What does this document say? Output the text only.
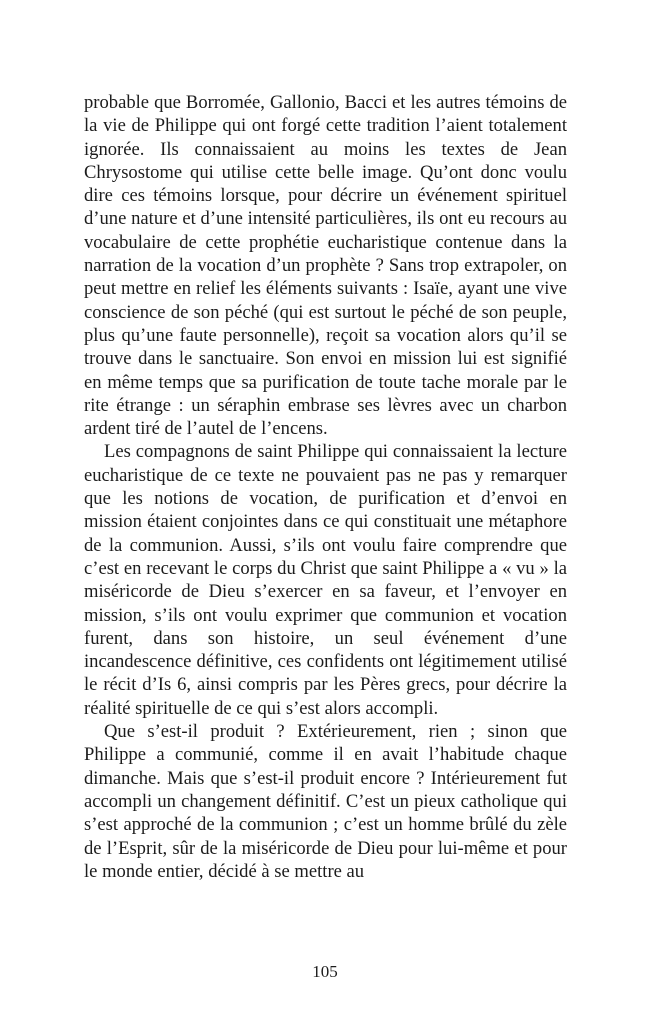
probable que Borromée, Gallonio, Bacci et les autres témoins de la vie de Philippe qui ont forgé cette tradition l’aient totalement ignorée. Ils connaissaient au moins les textes de Jean Chrysostome qui utilise cette belle image. Qu’ont donc voulu dire ces témoins lorsque, pour décrire un événement spirituel d’une nature et d’une intensité particulières, ils ont eu recours au vocabulaire de cette prophétie eucharistique contenue dans la narration de la vocation d’un prophète ? Sans trop extrapoler, on peut mettre en relief les éléments suivants : Isaïe, ayant une vive conscience de son péché (qui est surtout le péché de son peuple, plus qu’une faute personnelle), reçoit sa vocation alors qu’il se trouve dans le sanctuaire. Son envoi en mission lui est signifié en même temps que sa purification de toute tache morale par le rite étrange : un séraphin embrase ses lèvres avec un charbon ardent tiré de l’autel de l’encens.

Les compagnons de saint Philippe qui connaissaient la lecture eucharistique de ce texte ne pouvaient pas ne pas y remarquer que les notions de vocation, de purification et d’envoi en mission étaient conjointes dans ce qui constituait une métaphore de la communion. Aussi, s’ils ont voulu faire comprendre que c’est en recevant le corps du Christ que saint Philippe a « vu » la miséricorde de Dieu s’exercer en sa faveur, et l’envoyer en mission, s’ils ont voulu exprimer que communion et vocation furent, dans son histoire, un seul événement d’une incandescence définitive, ces confidents ont légitimement utilisé le récit d’Is 6, ainsi compris par les Pères grecs, pour décrire la réalité spirituelle de ce qui s’est alors accompli.

Que s’est-il produit ? Extérieurement, rien ; sinon que Philippe a communié, comme il en avait l’habitude chaque dimanche. Mais que s’est-il produit encore ? Intérieurement fut accompli un changement définitif. C’est un pieux catholique qui s’est approché de la communion ; c’est un homme brûlé du zèle de l’Esprit, sûr de la miséricorde de Dieu pour lui-même et pour le monde entier, décidé à se mettre au

105
